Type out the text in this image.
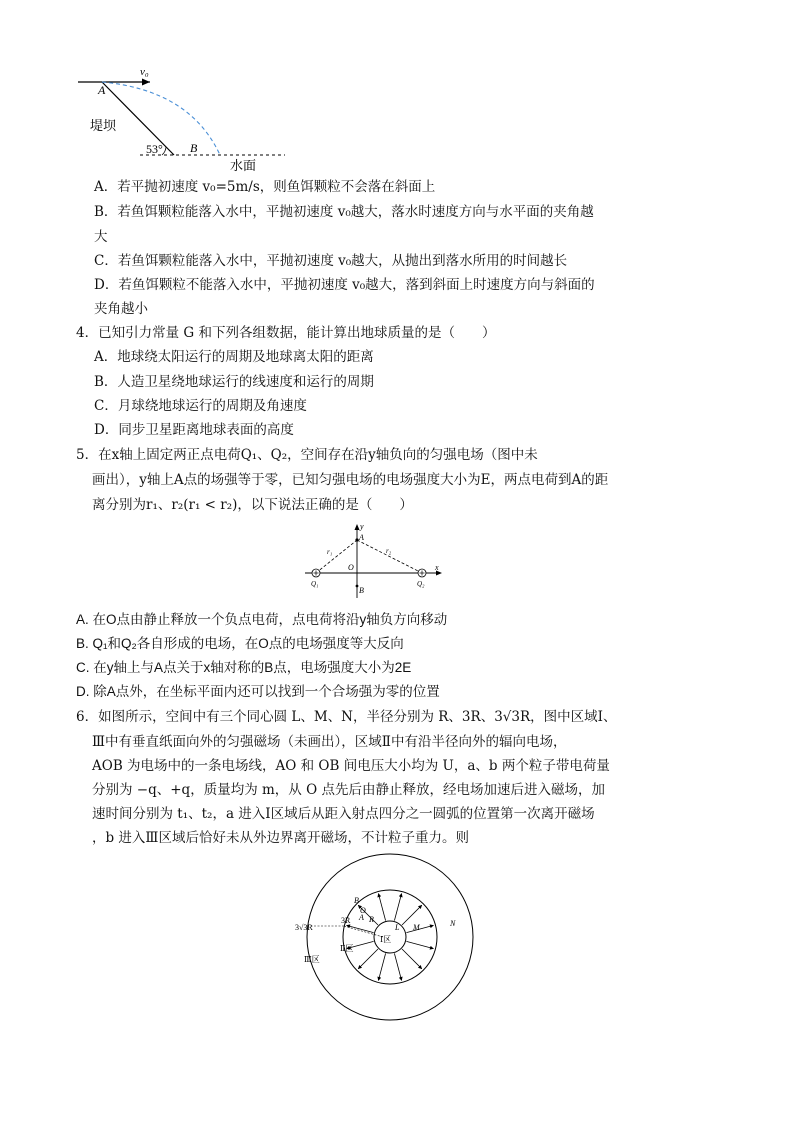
v₀
A
堤坝
53° B
水面
A．若平抛初速度 v₀=5m/s，则鱼饵颗粒不会落在斜面上
B．若鱼饵颗粒能落入水中，平抛初速度 v₀越大，落水时速度方向与水平面的夹角越
大
C．若鱼饵颗粒能落入水中，平抛初速度 v₀越大，从抛出到落水所用的时间越长
D．若鱼饵颗粒不能落入水中，平抛初速度 v₀越大，落到斜面上时速度方向与斜面的
夹角越小
4．已知引力常量 G 和下列各组数据，能计算出地球质量的是（　　）
A．地球绕太阳运行的周期及地球离太阳的距离
B．人造卫星绕地球运行的线速度和运行的周期
C．月球绕地球运行的周期及角速度
D．同步卫星距离地球表面的高度
5．在x轴上固定两正点电荷Q₁、Q₂，空间存在沿y轴负向的匀强电场（图中未
画出），y轴上A点的场强等于零，已知匀强电场的电场强度大小为E，两点电荷到A的距
离分别为r₁、r₂(r₁ < r₂)，以下说法正确的是（　　）
y
A
r₁	r₂
O	x
B
Q₁	Q₂
A. 在O点由静止释放一个负点电荷，点电荷将沿y轴负方向移动
B. Q₁和Q₂各自形成的电场，在O点的电场强度等大反向
C. 在y轴上与A点关于x轴对称的B点，电场强度大小为2E
D. 除A点外，在坐标平面内还可以找到一个合场强为零的位置
6．如图所示，空间中有三个同心圆 L、M、N，半径分别为 R、3R、3√3R，图中区域Ⅰ、
Ⅲ中有垂直纸面向外的匀强磁场（未画出），区域Ⅱ中有沿半径向外的辐向电场，
AOB 为电场中的一条电场线，AO 和 OB 间电压大小均为 U，a、b 两个粒子带电荷量
分别为 −q、+q，质量均为 m，从 O 点先后由静止释放，经电场加速后进入磁场，加
速时间分别为 t₁、t₂，a 进入Ⅰ区域后从距入射点四分之一圆弧的位置第一次离开磁场
，b 进入Ⅲ区域后恰好未从外边界离开磁场，不计粒子重力。则
3√3R
3R R
B
O
A
Ⅰ区
Ⅱ区
Ⅲ区
L M	N
